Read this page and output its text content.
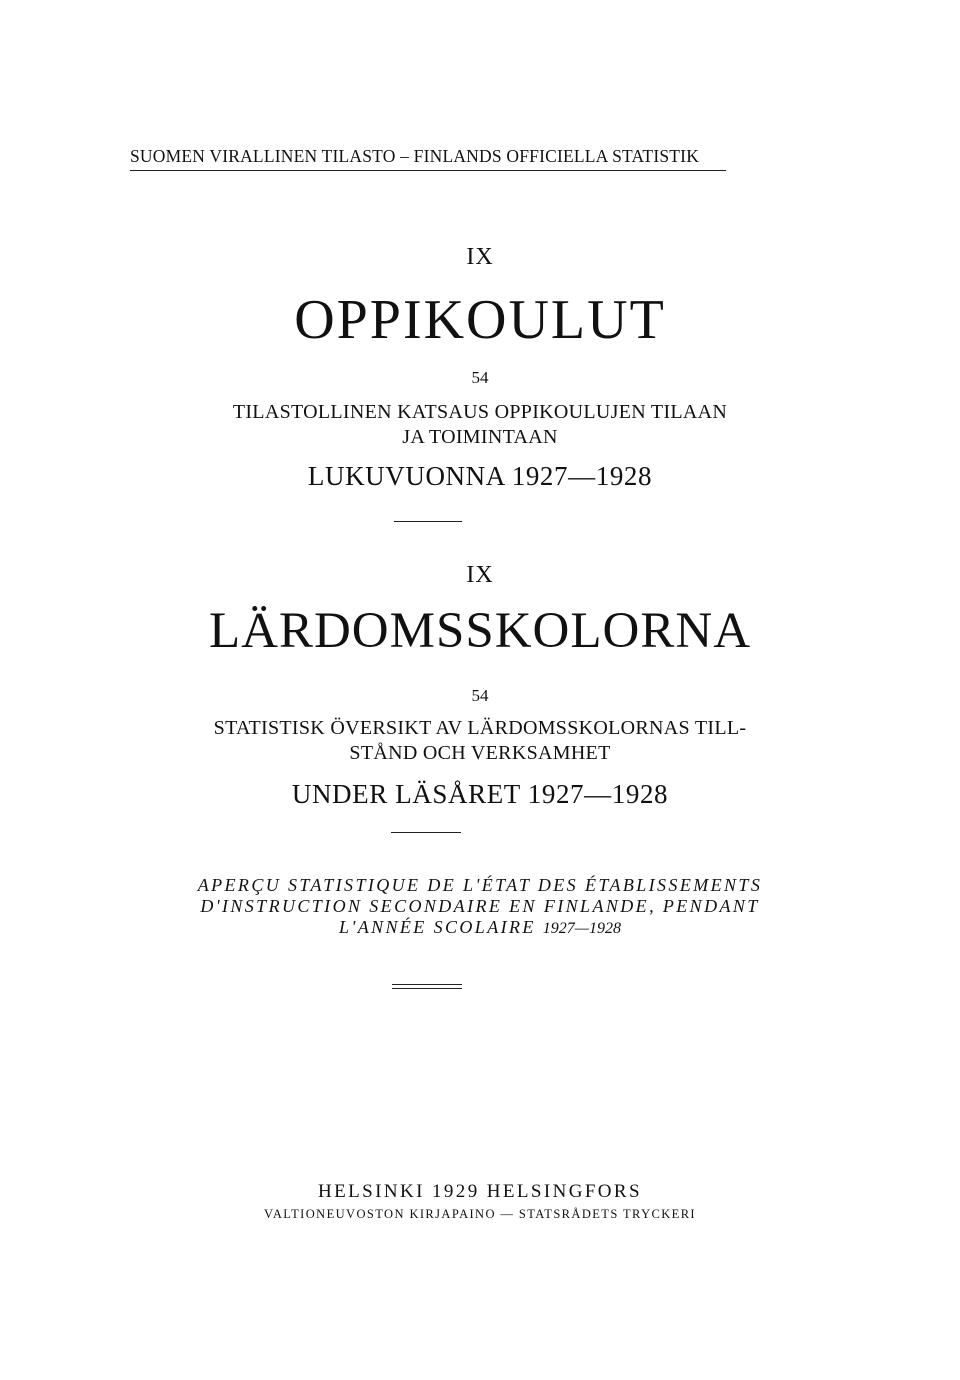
SUOMEN VIRALLINEN TILASTO – FINLANDS OFFICIELLA STATISTIK

IX

OPPIKOULUT

54

TILASTOLLINEN KATSAUS OPPIKOULUJEN TILAAN

JA TOIMINTAAN

LUKUVUONNA 1927—1928

IX

LÄRDOMSSKOLORNA

54

STATISTISK ÖVERSIKT AV LÄRDOMSSKOLORNAS TILL-

STÅND OCH VERKSAMHET

UNDER LÄSÅRET 1927—1928

APERÇU STATISTIQUE DE L'ÉTAT DES ÉTABLISSEMENTS

D'INSTRUCTION SECONDAIRE EN FINLANDE, PENDANT

L'ANNÉE SCOLAIRE 1927—1928

HELSINKI 1929 HELSINGFORS

VALTIONEUVOSTON KIRJAPAINO — STATSRÅDETS TRYCKERI
